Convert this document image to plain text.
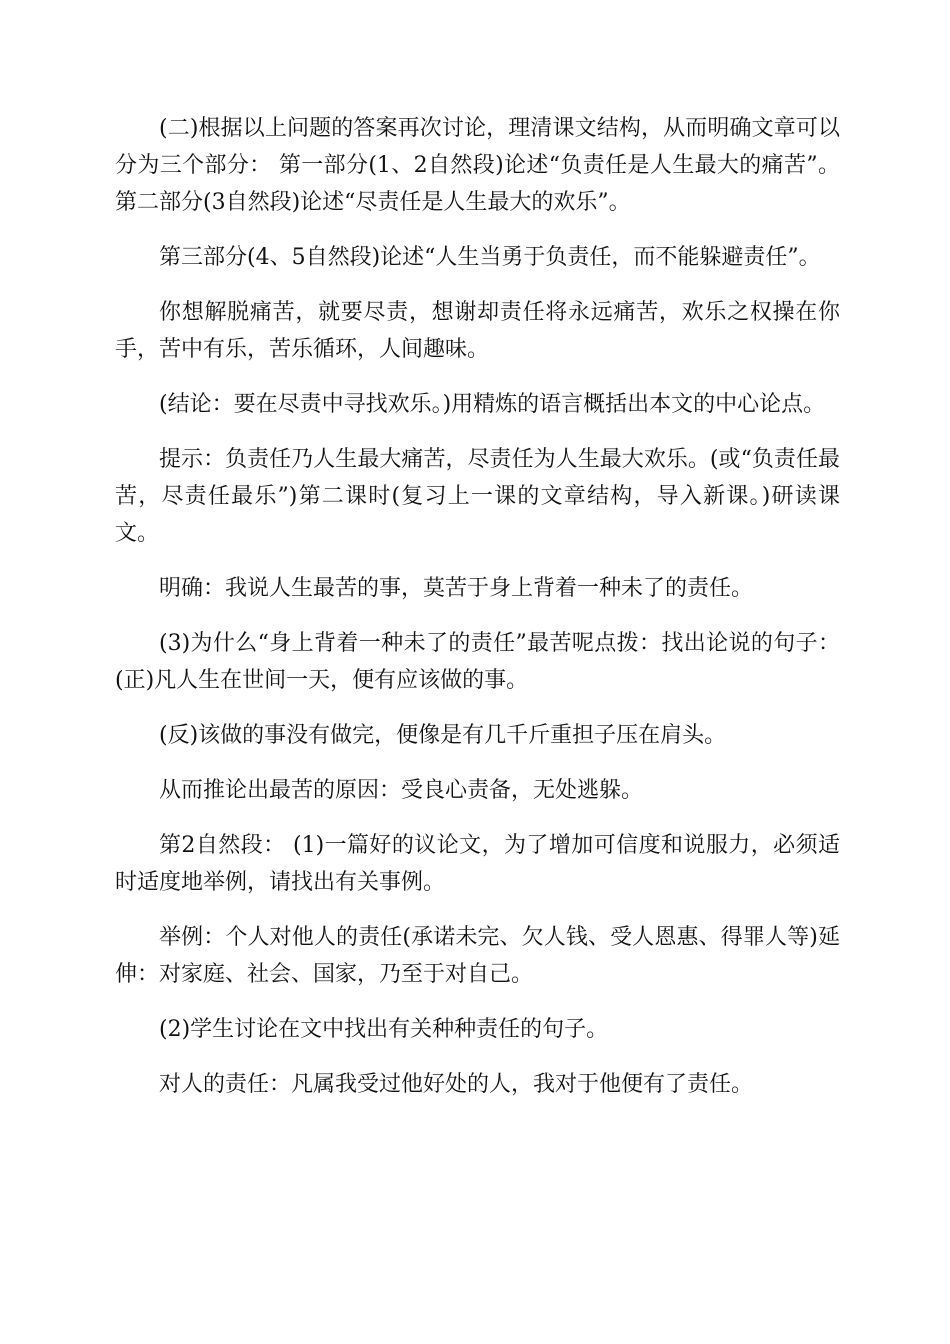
(二)根据以上问题的答案再次讨论，理清课文结构，从而明确文章可以分为三个部分： 第一部分(1、2自然段)论述“负责任是人生最大的痛苦”。第二部分(3自然段)论述“尽责任是人生最大的欢乐”。

第三部分(4、5自然段)论述“人生当勇于负责任，而不能躲避责任”。

你想解脱痛苦，就要尽责，想谢却责任将永远痛苦，欢乐之权操在你手，苦中有乐，苦乐循环，人间趣味。

(结论：要在尽责中寻找欢乐。)用精炼的语言概括出本文的中心论点。

提示：负责任乃人生最大痛苦，尽责任为人生最大欢乐。(或“负责任最苦，尽责任最乐”)第二课时(复习上一课的文章结构，导入新课。)研读课文。

明确：我说人生最苦的事，莫苦于身上背着一种未了的责任。

(3)为什么“身上背着一种未了的责任”最苦呢点拨：找出论说的句子： (正)凡人生在世间一天，便有应该做的事。

(反)该做的事没有做完，便像是有几千斤重担子压在肩头。

从而推论出最苦的原因：受良心责备，无处逃躲。

第2自然段： (1)一篇好的议论文，为了增加可信度和说服力，必须适时适度地举例，请找出有关事例。

举例：个人对他人的责任(承诺未完、欠人钱、受人恩惠、得罪人等)延伸：对家庭、社会、国家，乃至于对自己。

(2)学生讨论在文中找出有关种种责任的句子。

对人的责任：凡属我受过他好处的人，我对于他便有了责任。
